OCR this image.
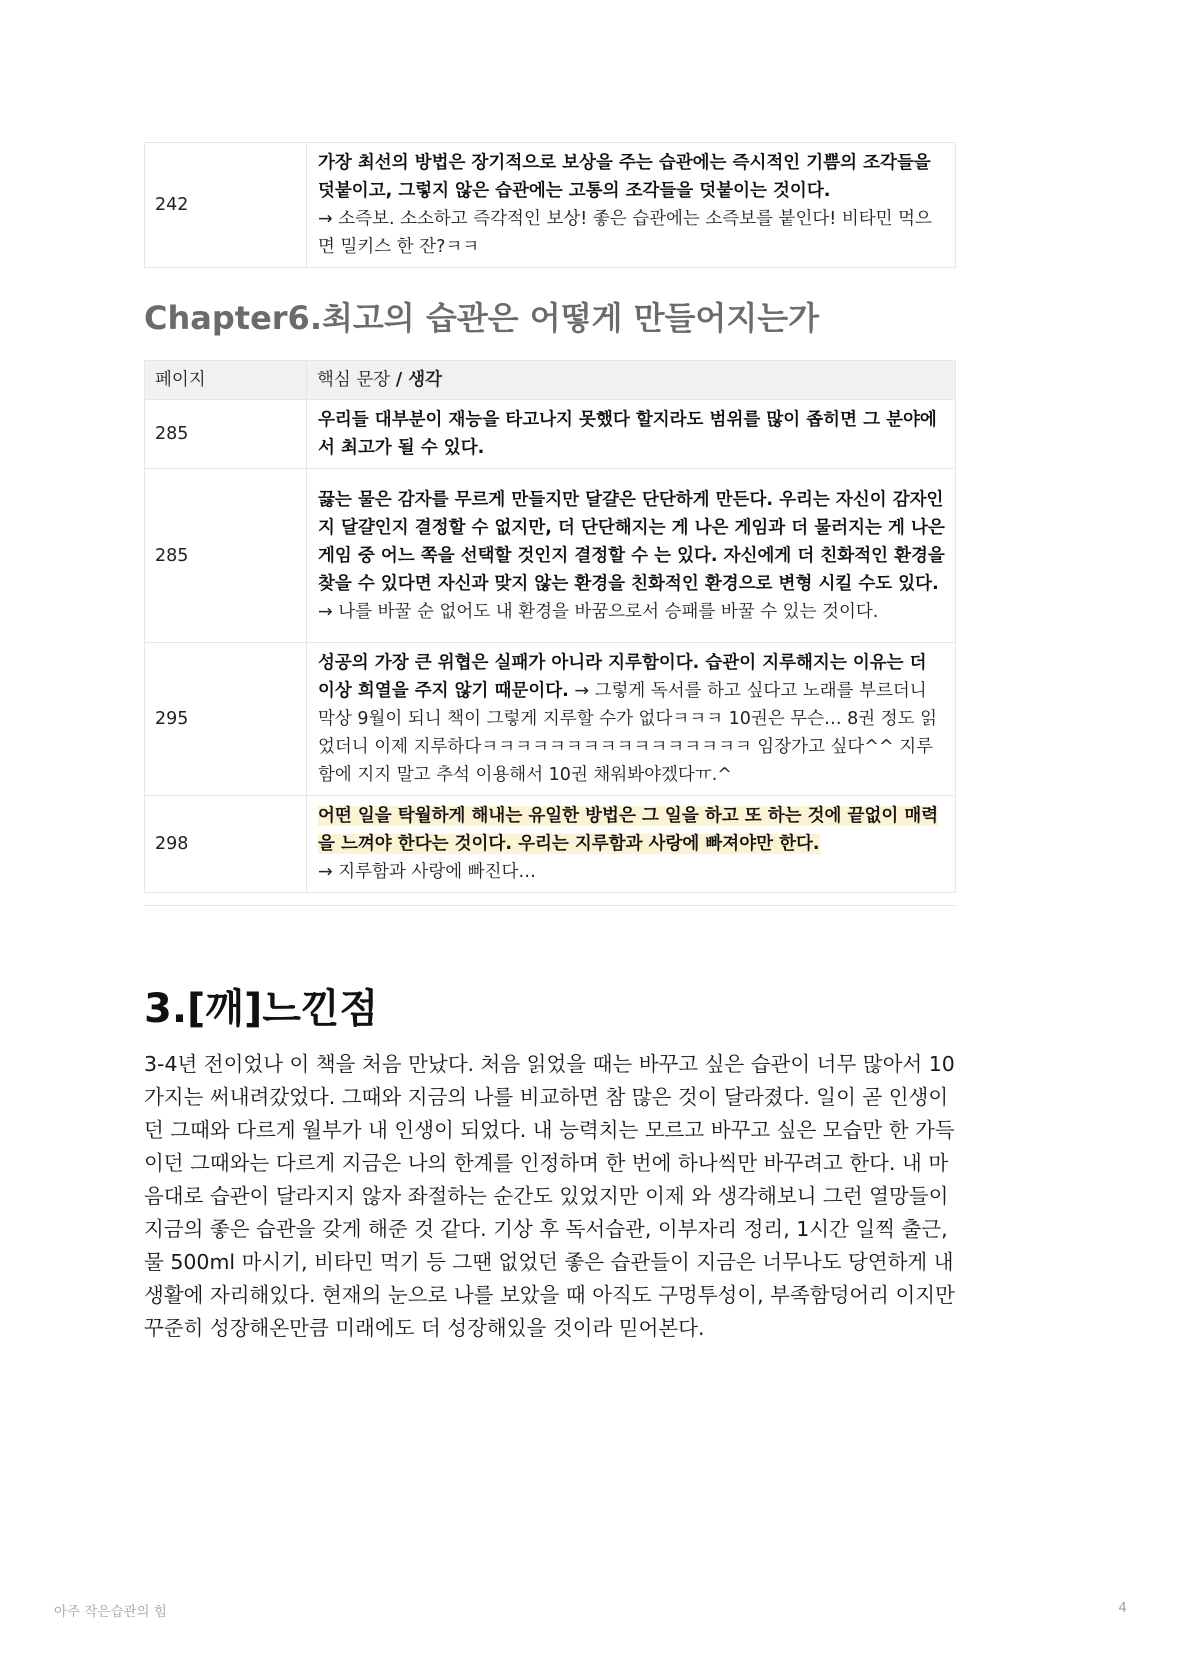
242	가장 최선의 방법은 장기적으로 보상을 주는 습관에는 즉시적인 기쁨의 조각들을 덧붙이고, 그렇지 않은 습관에는 고통의 조각들을 덧붙이는 것이다.
→ 소즉보. 소소하고 즉각적인 보상! 좋은 습관에는 소즉보를 붙인다! 비타민 먹으면 밀키스 한 잔?ㅋㅋ
Chapter6.최고의 습관은 어떻게 만들어지는가
페이지	핵심 문장 / 생각
285	우리들 대부분이 재능을 타고나지 못했다 할지라도 범위를 많이 좁히면 그 분야에서 최고가 될 수 있다.
285	끓는 물은 감자를 무르게 만들지만 달걀은 단단하게 만든다. 우리는 자신이 감자인지 달걀인지 결정할 수 없지만, 더 단단해지는 게 나은 게임과 더 물러지는 게 나은 게임 중 어느 쪽을 선택할 것인지 결정할 수 는 있다. 자신에게 더 친화적인 환경을 찾을 수 있다면 자신과 맞지 않는 환경을 친화적인 환경으로 변형 시킬 수도 있다. → 나를 바꿀 순 없어도 내 환경을 바꿈으로서 승패를 바꿀 수 있는 것이다.
295	성공의 가장 큰 위협은 실패가 아니라 지루함이다. 습관이 지루해지는 이유는 더 이상 희열을 주지 않기 때문이다. → 그렇게 독서를 하고 싶다고 노래를 부르더니 막상 9월이 되니 책이 그렇게 지루할 수가 없다ㅋㅋㅋ 10권은 무슨… 8권 정도 읽었더니 이제 지루하다ㅋㅋㅋㅋㅋㅋㅋㅋㅋㅋㅋㅋㅋㅋㅋㅋ 임장가고 싶다^^ 지루함에 지지 말고 추석 이용해서 10권 채워봐야겠다ㅠ.^
298	어떤 일을 탁월하게 해내는 유일한 방법은 그 일을 하고 또 하는 것에 끝없이 매력을 느껴야 한다는 것이다. 우리는 지루함과 사랑에 빠져야만 한다.
→ 지루함과 사랑에 빠진다…
3.[깨]느낀점

3-4년 전이었나 이 책을 처음 만났다. 처음 읽었을 때는 바꾸고 싶은 습관이 너무 많아서 10가지는 써내려갔었다. 그때와 지금의 나를 비교하면 참 많은 것이 달라졌다. 일이 곧 인생이던 그때와 다르게 월부가 내 인생이 되었다. 내 능력치는 모르고 바꾸고 싶은 모습만 한 가득이던 그때와는 다르게 지금은 나의 한계를 인정하며 한 번에 하나씩만 바꾸려고 한다. 내 마음대로 습관이 달라지지 않자 좌절하는 순간도 있었지만 이제 와 생각해보니 그런 열망들이 지금의 좋은 습관을 갖게 해준 것 같다. 기상 후 독서습관, 이부자리 정리, 1시간 일찍 출근, 물 500ml 마시기, 비타민 먹기 등 그땐 없었던 좋은 습관들이 지금은 너무나도 당연하게 내 생활에 자리해있다. 현재의 눈으로 나를 보았을 때 아직도 구멍투성이, 부족함덩어리 이지만 꾸준히 성장해온만큼 미래에도 더 성장해있을 것이라 믿어본다.

아주 작은습관의 힘	4
